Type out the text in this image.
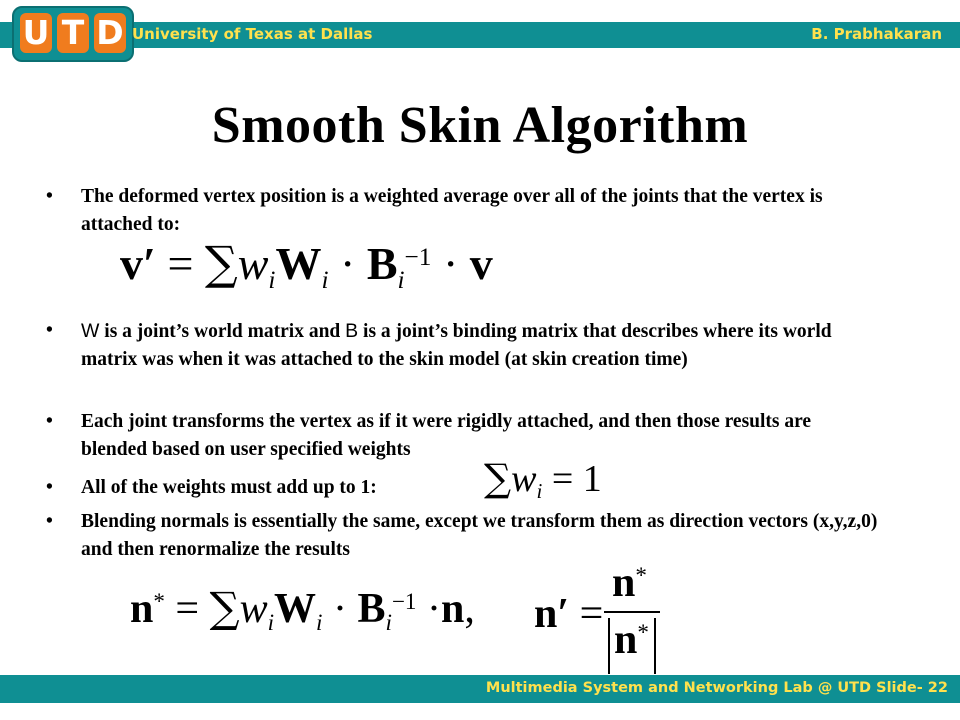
U T D University of Texas at Dallas	B. Prabhakaran
Smooth Skin Algorithm
• The deformed vertex position is a weighted average over all of the joints that the vertex is attached to:
v′ = ∑wiWi · $Bi^{-1} \cdot v$
• W is a joint’s world matrix and B is a joint’s binding matrix that describes where its world matrix was when it was attached to the skin model (at skin creation time)
• Each joint transforms the vertex as if it were rigidly attached, and then those results are blended based on user specified weights
• All of the weights must add up to 1:	∑wi = 1
• Blending normals is essentially the same, except we transform them as direction vectors (x,y,z,0) and then renormalize the results
n* = ∑wiWi · $Bi^{-1} \cdot n$, n′ =
n*
n*
Multimedia System and Networking Lab @ UTD Slide- 22
